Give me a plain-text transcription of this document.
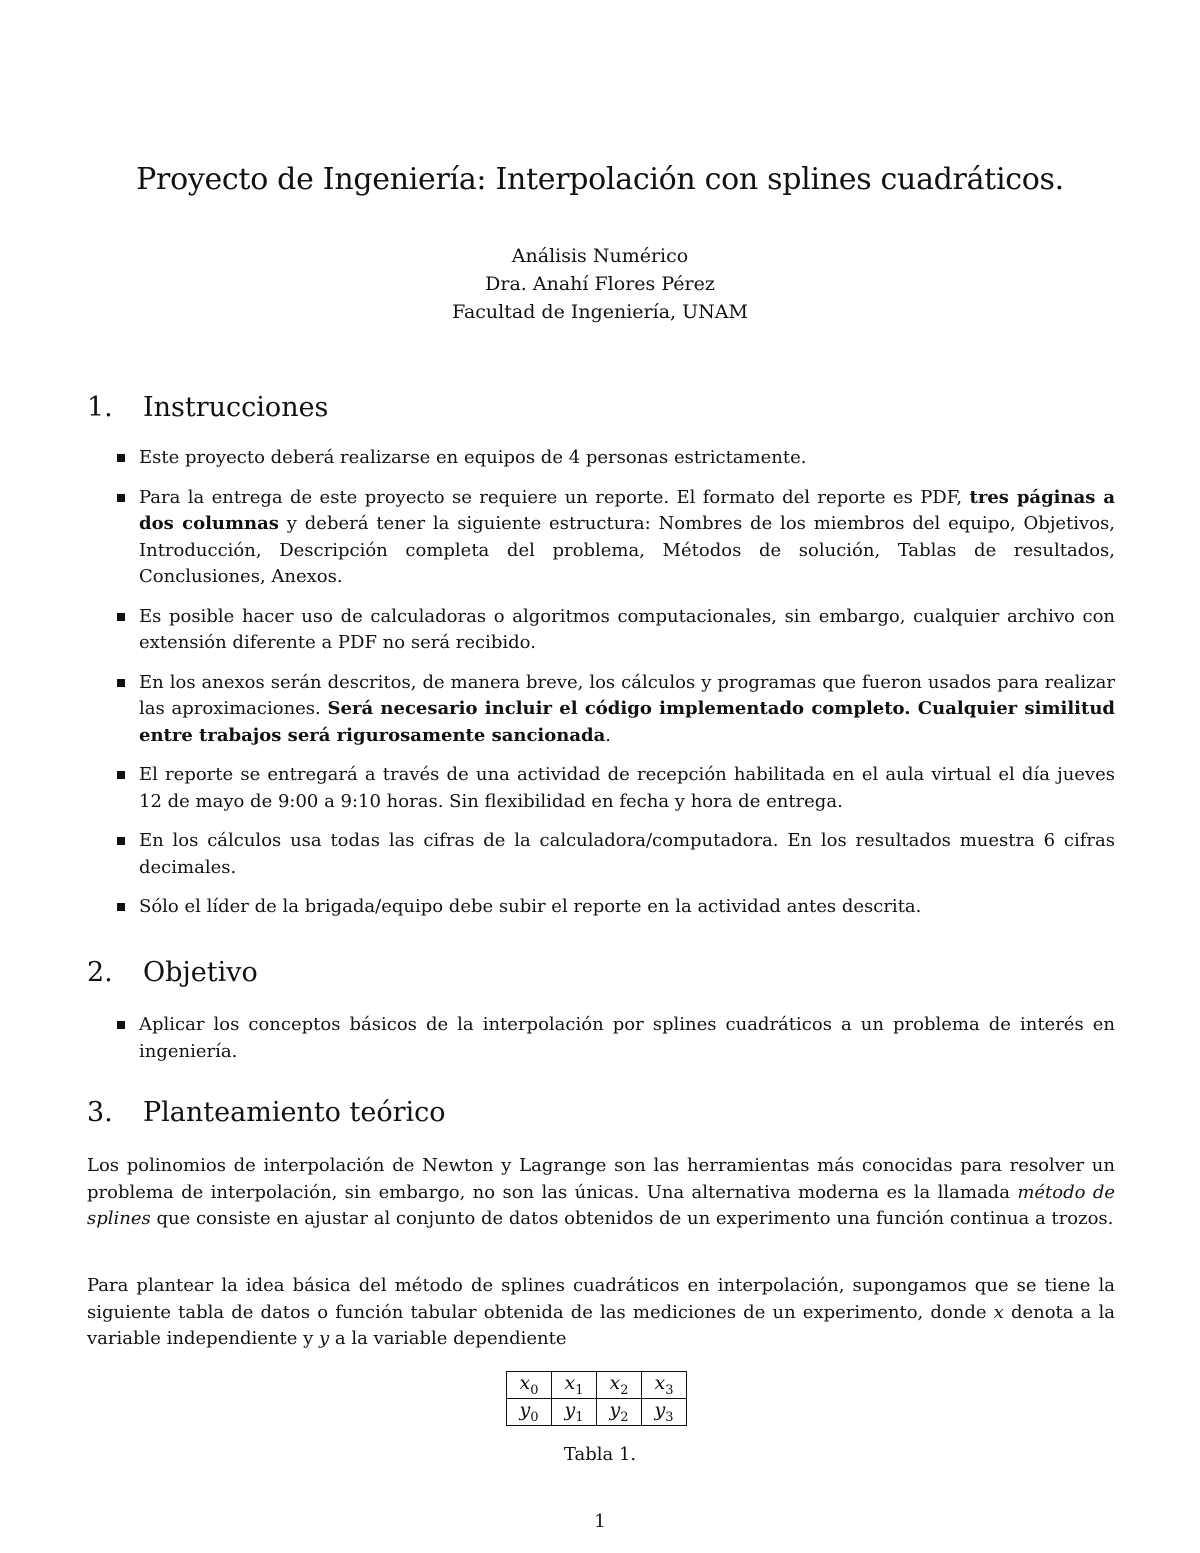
Proyecto de Ingeniería: Interpolación con splines cuadráticos.
Análisis Numérico
Dra. Anahí Flores Pérez
Facultad de Ingeniería, UNAM
1. Instrucciones
Este proyecto deberá realizarse en equipos de 4 personas estrictamente.
Para la entrega de este proyecto se requiere un reporte. El formato del reporte es PDF, tres páginas a dos columnas y deberá tener la siguiente estructura: Nombres de los miembros del equipo, Objetivos, Introducción, Descripción completa del problema, Métodos de solución, Tablas de resultados, Conclusiones, Anexos.
Es posible hacer uso de calculadoras o algoritmos computacionales, sin embargo, cualquier archivo con extensión diferente a PDF no será recibido.
En los anexos serán descritos, de manera breve, los cálculos y programas que fueron usados para realizar las aproximaciones. Será necesario incluir el código implementado completo. Cualquier similitud entre trabajos será rigurosamente sancionada.
El reporte se entregará a través de una actividad de recepción habilitada en el aula virtual el día jueves 12 de mayo de 9:00 a 9:10 horas. Sin flexibilidad en fecha y hora de entrega.
En los cálculos usa todas las cifras de la calculadora/computadora. En los resultados muestra 6 cifras decimales.
Sólo el líder de la brigada/equipo debe subir el reporte en la actividad antes descrita.
2. Objetivo
Aplicar los conceptos básicos de la interpolación por splines cuadráticos a un problema de interés en ingeniería.
3. Planteamiento teórico

Los polinomios de interpolación de Newton y Lagrange son las herramientas más conocidas para resolver un problema de interpolación, sin embargo, no son las únicas. Una alternativa moderna es la llamada método de splines que consiste en ajustar al conjunto de datos obtenidos de un experimento una función continua a trozos.

Para plantear la idea básica del método de splines cuadráticos en interpolación, supongamos que se tiene la siguiente tabla de datos o función tabular obtenida de las mediciones de un experimento, donde x denota a la variable independiente y y a la variable dependiente

$x_0$	$x_1$	$x_2$	$x_3$
$y_0$	$y_1$	$y_2$	$y_3$
Tabla 1.
1
